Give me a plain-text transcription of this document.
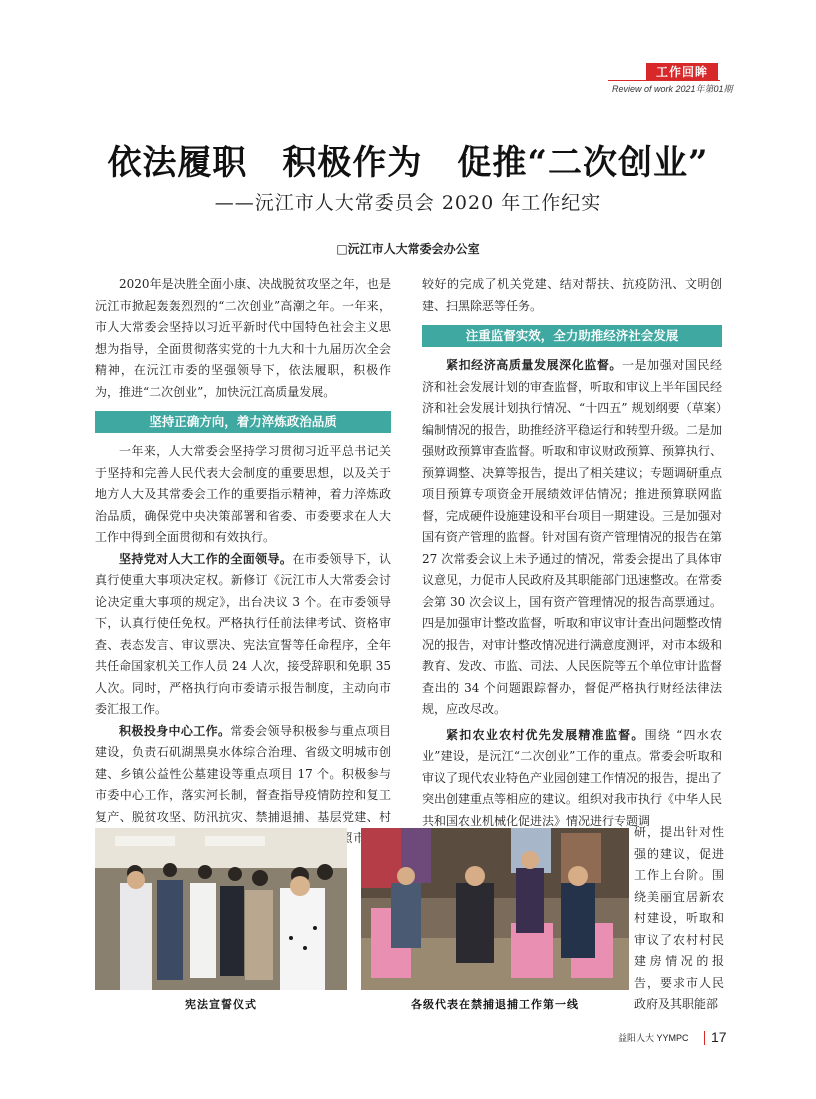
工作回眸
Review of work 2021年第01期
依法履职　积极作为　促推“二次创业”
——沅江市人大常委员会 2020 年工作纪实
□沅江市人大常委会办公室

2020年是决胜全面小康、决战脱贫攻坚之年，也是沅江市掀起轰轰烈烈的“二次创业”高潮之年。一年来，市人大常委会坚持以习近平新时代中国特色社会主义思想为指导，全面贯彻落实党的十九大和十九届历次全会精神，在沅江市委的坚强领导下，依法履职，积极作为，推进“二次创业”，加快沅江高质量发展。

坚持正确方向，着力淬炼政治品质

一年来，人大常委会坚持学习贯彻习近平总书记关于坚持和完善人民代表大会制度的重要思想，以及关于地方人大及其常委会工作的重要指示精神，着力淬炼政治品质，确保党中央决策部署和省委、市委要求在人大工作中得到全面贯彻和有效执行。

坚持党对人大工作的全面领导。在市委领导下，认真行使重大事项决定权。新修订《沅江市人大常委会讨论决定重大事项的规定》，出台决议 3 个。在市委领导下，认真行使任免权。严格执行任前法律考试、资格审查、表态发言、审议票决、宪法宣誓等任命程序，全年共任命国家机关工作人员 24 人次，接受辞职和免职 35 人次。同时，严格执行向市委请示报告制度，主动向市委汇报工作。

积极投身中心工作。常委会领导积极参与重点项目建设，负责石矶湖黑臭水体综合治理、省级文明城市创建、乡镇公益性公墓建设等重点项目 17 个。积极参与市委中心工作，落实河长制，督查指导疫情防控和复工复产、脱贫攻坚、防汛抗灾、禁捕退捕、基层党建、村 市

较好的完成了机关党建、结对帮扶、抗疫防汛、文明创建、扫黑除恶等任务。

注重监督实效，全力助推经济社会发展

紧扣经济高质量发展深化监督。一是加强对国民经济和社会发展计划的审查监督，听取和审议上半年国民经济和社会发展计划执行情况、“十四五” 规划纲要（草案）编制情况的报告，助推经济平稳运行和转型升级。二是加强财政预算审查监督。听取和审议财政预算、预算执行、预算调整、决算等报告，提出了相关建议；专题调研重点项目预算专项资金开展绩效评估情况；推进预算联网监督，完成硬件设施建设和平台项目一期建设。三是加强对国有资产管理的监督。针对国有资产管理情况的报告在第 27 次常委会议上未予通过的情况，常委会提出了具体审议意见，力促市人民政府及其职能部门迅速整改。在常委会第 30 次会议上，国有资产管理情况的报告高票通过。四是加强审计整改监督，听取和审议审计查出问题整改情况的报告，对审计整改情况进行满意度测评，对市本级和教育、发改、市监、司法、人民医院等五个单位审计监督查出的 34 个问题跟踪督办，督促严格执行财经法律法规，应改尽改。

紧扣农业农村优先发展精准监督。围绕 “四水农业”建设，是沅江“二次创业”工作的重点。常委会听取和审议了现代农业特色产业园创建工作情况的报告，提出了突出创建重点等相应的建议。组织对我市执行《中华人民共和国农业机械化促进法》情况进行专题调

研，提出针对性强的建议，促进工作上台阶。围绕美丽宜居新农村建设，听取和审议了农村村民建房情况的报告，要求市人民政府及其职能部

宪法宣誓仪式	各级代表在禁捕退捕工作第一线
益阳人大 YYMPC 17
